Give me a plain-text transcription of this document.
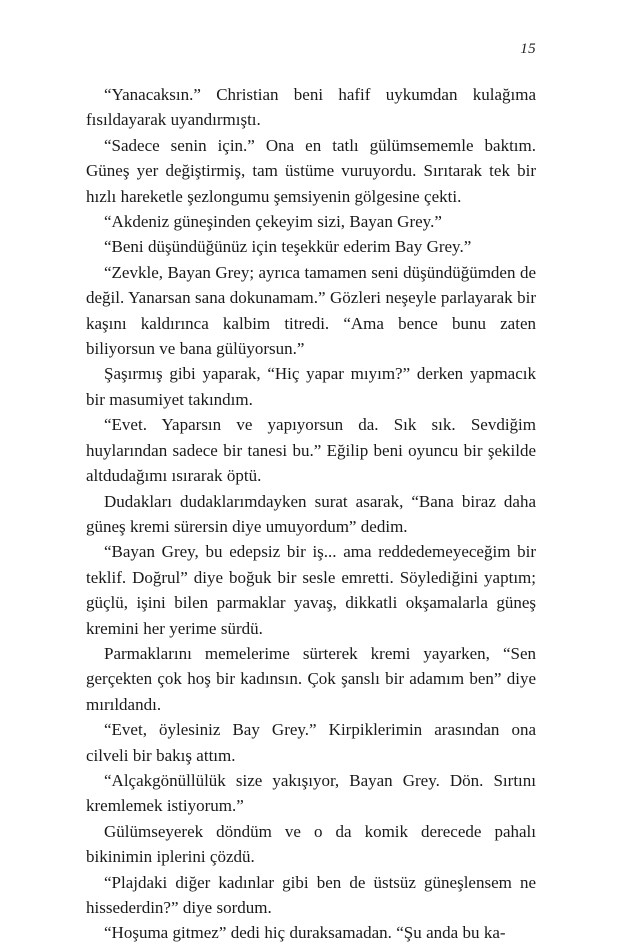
15

“Yanacaksın.” Christian beni hafif uykumdan kulağıma fısıldayarak uyandırmıştı.

“Sadece senin için.” Ona en tatlı gülümsememle baktım. Güneş yer değiştirmiş, tam üstüme vuruyordu. Sırıtarak tek bir hızlı hareketle şezlongumu şemsiyenin gölgesine çekti.

“Akdeniz güneşinden çekeyim sizi, Bayan Grey.”

“Beni düşündüğünüz için teşekkür ederim Bay Grey.”

“Zevkle, Bayan Grey; ayrıca tamamen seni düşündüğümden de değil. Yanarsan sana dokunamam.” Gözleri neşeyle parlayarak bir kaşını kaldırınca kalbim titredi. “Ama bence bunu zaten biliyorsun ve bana gülüyorsun.”

Şaşırmış gibi yaparak, “Hiç yapar mıyım?” derken yapmacık bir masumiyet takındım.

“Evet. Yaparsın ve yapıyorsun da. Sık sık. Sevdiğim huylarından sadece bir tanesi bu.” Eğilip beni oyuncu bir şekilde altdudağımı ısırarak öptü.

Dudakları dudaklarımdayken surat asarak, “Bana biraz daha güneş kremi sürersin diye umuyordum” dedim.

“Bayan Grey, bu edepsiz bir iş... ama reddedemeyeceğim bir teklif. Doğrul” diye boğuk bir sesle emretti. Söylediğini yaptım; güçlü, işini bilen parmaklar yavaş, dikkatli okşamalarla güneş kremini her yerime sürdü.

Parmaklarını memelerime sürterek kremi yayarken, “Sen gerçekten çok hoş bir kadınsın. Çok şanslı bir adamım ben” diye mırıldandı.

“Evet, öylesiniz Bay Grey.” Kirpiklerimin arasından ona cilveli bir bakış attım.

“Alçakgönüllülük size yakışıyor, Bayan Grey. Dön. Sırtını kremlemek istiyorum.”

Gülümseyerek döndüm ve o da komik derecede pahalı bikinimin iplerini çözdü.

“Plajdaki diğer kadınlar gibi ben de üstsüz güneşlensem ne hissederdin?” diye sordum.

“Hoşuma gitmez” dedi hiç duraksamadan. “Şu anda bu ka-
